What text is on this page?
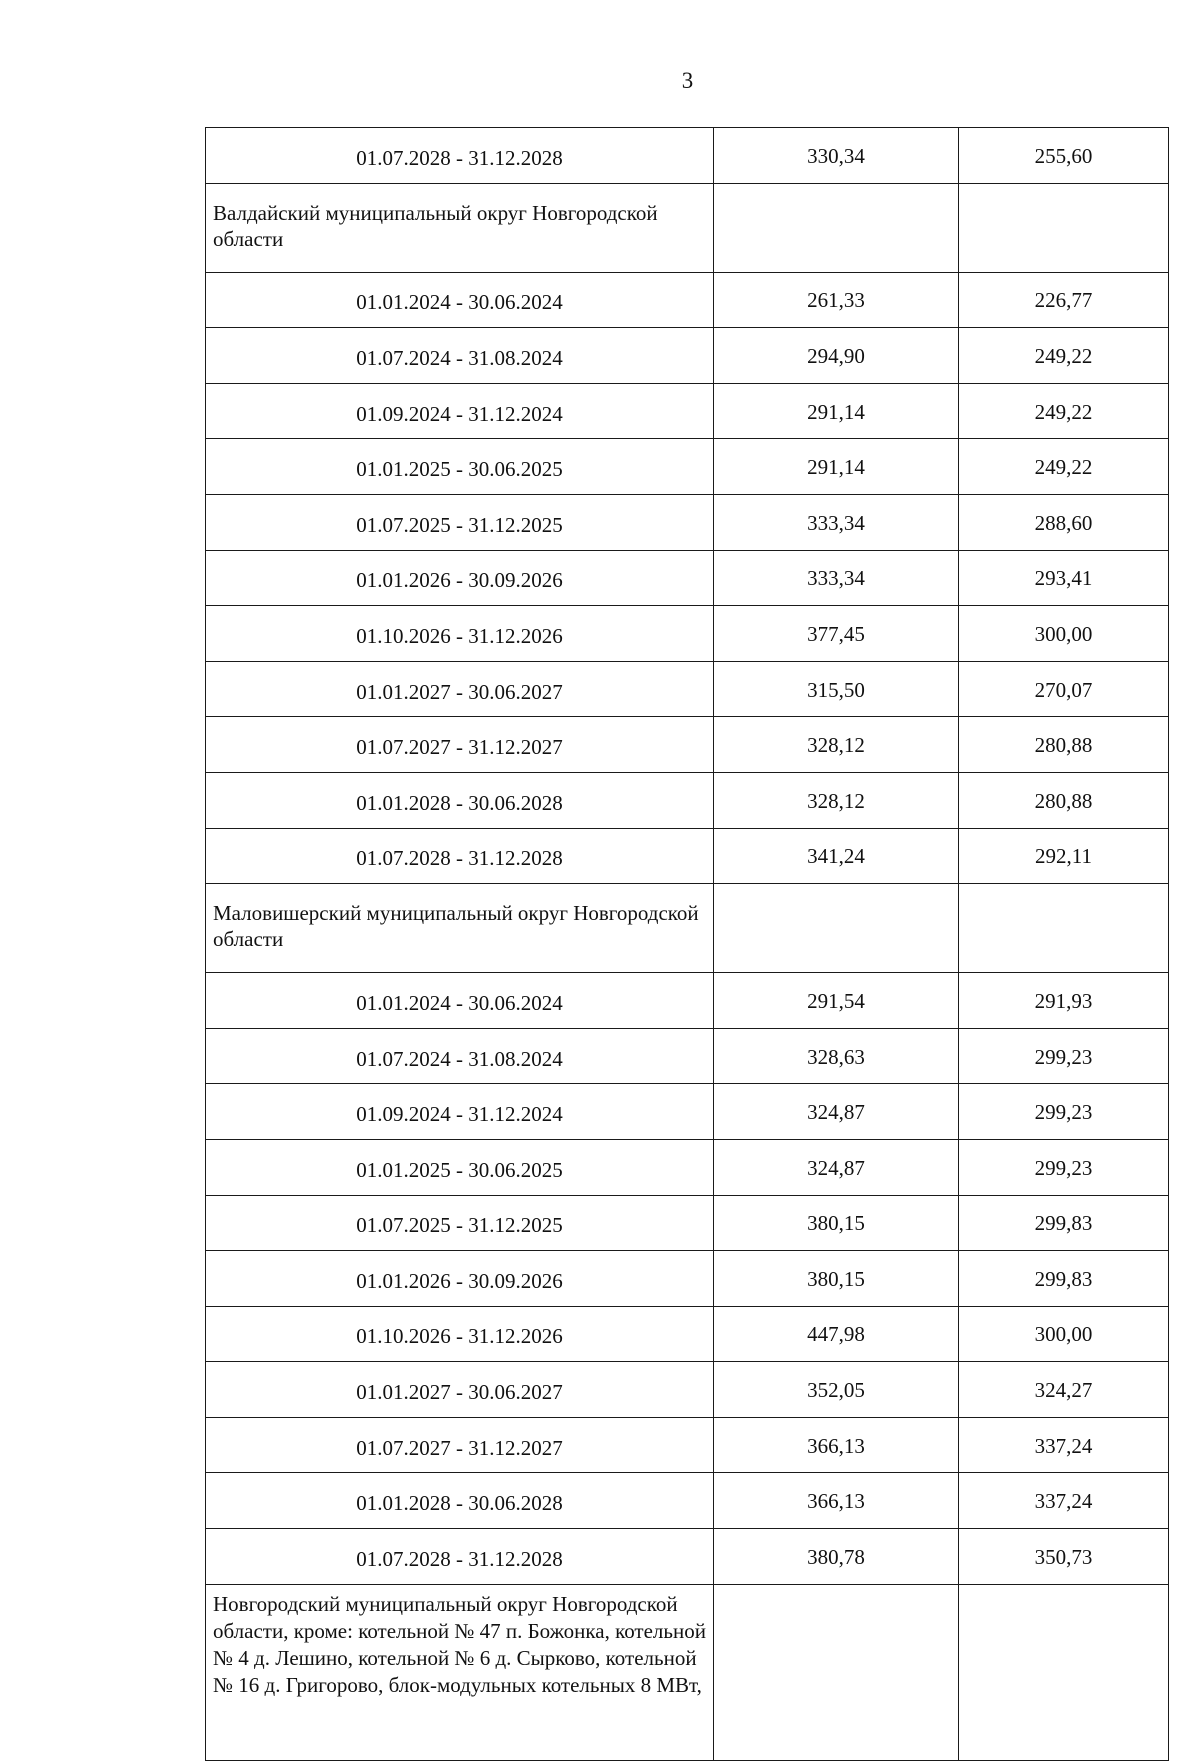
3
01.07.2028 - 31.12.2028	330,34	255,60
Валдайский муниципальный округ Новгородской области		
01.01.2024 - 30.06.2024	261,33	226,77
01.07.2024 - 31.08.2024	294,90	249,22
01.09.2024 - 31.12.2024	291,14	249,22
01.01.2025 - 30.06.2025	291,14	249,22
01.07.2025 - 31.12.2025	333,34	288,60
01.01.2026 - 30.09.2026	333,34	293,41
01.10.2026 - 31.12.2026	377,45	300,00
01.01.2027 - 30.06.2027	315,50	270,07
01.07.2027 - 31.12.2027	328,12	280,88
01.01.2028 - 30.06.2028	328,12	280,88
01.07.2028 - 31.12.2028	341,24	292,11
Маловишерский муниципальный округ Новгородской области		
01.01.2024 - 30.06.2024	291,54	291,93
01.07.2024 - 31.08.2024	328,63	299,23
01.09.2024 - 31.12.2024	324,87	299,23
01.01.2025 - 30.06.2025	324,87	299,23
01.07.2025 - 31.12.2025	380,15	299,83
01.01.2026 - 30.09.2026	380,15	299,83
01.10.2026 - 31.12.2026	447,98	300,00
01.01.2027 - 30.06.2027	352,05	324,27
01.07.2027 - 31.12.2027	366,13	337,24
01.01.2028 - 30.06.2028	366,13	337,24
01.07.2028 - 31.12.2028	380,78	350,73
Новгородский муниципальный округ Новгородской области, кроме: котельной № 47 п. Божонка, котельной № 4 д. Лешино, котельной № 6 д. Сырково, котельной № 16 д. Григорово, блок-модульных котельных 8 МВт,		
